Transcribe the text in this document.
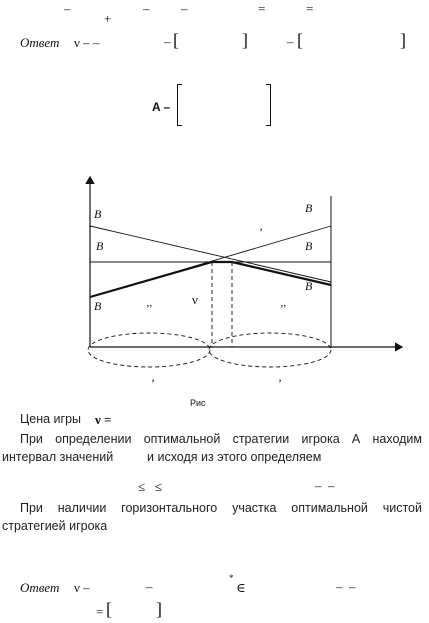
–	– –	=	=
+
Ответ ν – –	– [	]	– [	]
A –
B
B
B
B
B
B
’
’’	’’
ν
’	’
Рис
Цена игры ν =
При определении оптимальной стратегии игрока А находим
интервал значений	и исходя из этого определяем
≤   ≤	–  –
При наличии горизонтального участка оптимальной чистой
стратегией игрока
Ответ ν –	–
*
∈	–  –
= [ ]
